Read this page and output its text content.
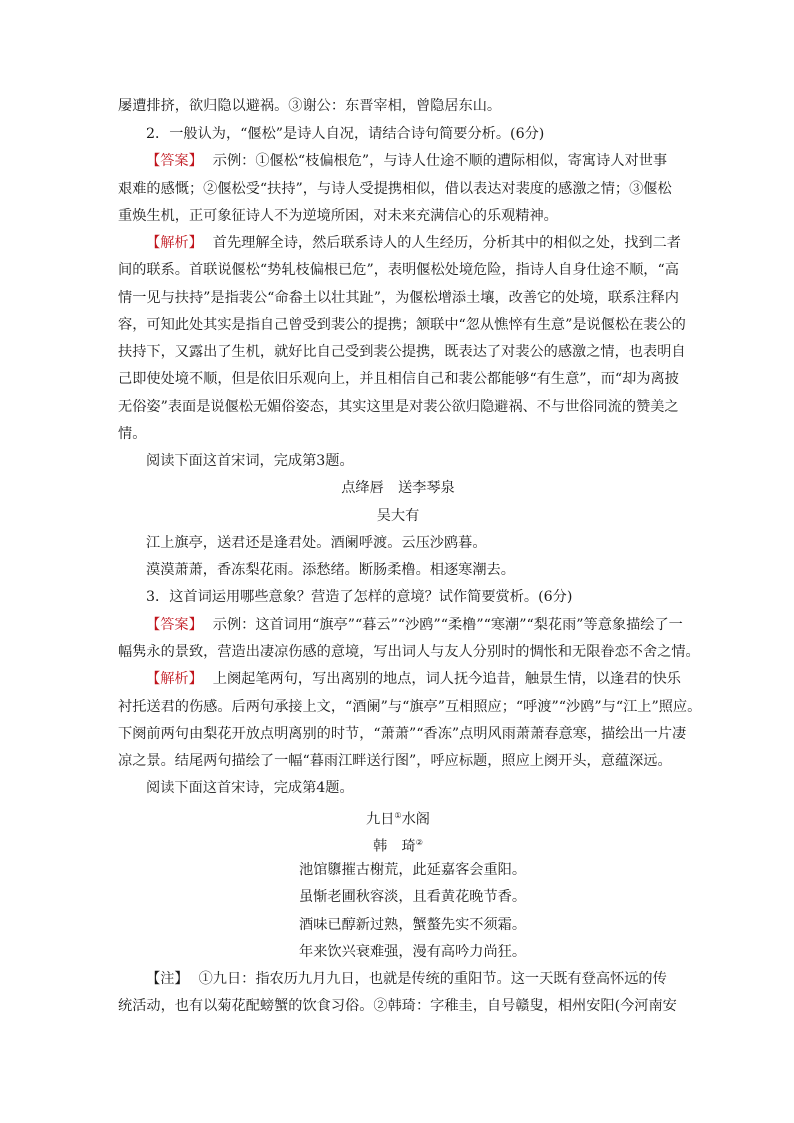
屡遭排挤，欲归隐以避祸。③谢公：东晋宰相，曾隐居东山。
2．一般认为，“偃松”是诗人自况，请结合诗句简要分析。(6分)
【答案】 示例：①偃松“枝偏根危”，与诗人仕途不顺的遭际相似，寄寓诗人对世事
艰难的感慨；②偃松受“扶持”，与诗人受提携相似，借以表达对裴度的感激之情；③偃松
重焕生机，正可象征诗人不为逆境所困，对未来充满信心的乐观精神。
【解析】 首先理解全诗，然后联系诗人的人生经历，分析其中的相似之处，找到二者
间的联系。首联说偃松“势轧枝偏根已危”，表明偃松处境危险，指诗人自身仕途不顺，“高
情一见与扶持”是指裴公“命畚土以壮其趾”，为偃松增添土壤，改善它的处境，联系注释内
容，可知此处其实是指自己曾受到裴公的提携；颔联中“忽从憔悴有生意”是说偃松在裴公的
扶持下，又露出了生机，就好比自己受到裴公提携，既表达了对裴公的感激之情，也表明自
己即使处境不顺，但是依旧乐观向上，并且相信自己和裴公都能够“有生意”，而“却为离披
无俗姿”表面是说偃松无媚俗姿态，其实这里是对裴公欲归隐避祸、不与世俗同流的赞美之
情。
阅读下面这首宋词，完成第3题。
点绛唇　送李琴泉
吴大有
江上旗亭，送君还是逢君处。酒阑呼渡。云压沙鸥暮。
漠漠萧萧，香冻梨花雨。添愁绪。断肠柔橹。相逐寒潮去。
3．这首词运用哪些意象？营造了怎样的意境？试作简要赏析。(6分)
【答案】 示例：这首词用“旗亭”“暮云”“沙鸥”“柔橹”“寒潮”“梨花雨”等意象描绘了一
幅隽永的景致，营造出凄凉伤感的意境，写出词人与友人分别时的惆怅和无限眷恋不舍之情。
【解析】 上阕起笔两句，写出离别的地点，词人抚今追昔，触景生情，以逢君的快乐
衬托送君的伤感。后两句承接上文，“酒阑”与“旗亭”互相照应；“呼渡”“沙鸥”与“江上”照应。
下阕前两句由梨花开放点明离别的时节，“萧萧”“香冻”点明风雨萧萧春意寒，描绘出一片凄
凉之景。结尾两句描绘了一幅“暮雨江畔送行图”，呼应标题，照应上阕开头，意蕴深远。
阅读下面这首宋诗，完成第4题。
九日①水阁
韩　琦②
池馆隳摧古榭荒，此延嘉客会重阳。
虽惭老圃秋容淡，且看黄花晚节香。
酒味已醇新过熟，蟹螯先实不须霜。
年来饮兴衰难强，漫有高吟力尚狂。
【注】 ①九日：指农历九月九日，也就是传统的重阳节。这一天既有登高怀远的传
统活动，也有以菊花配螃蟹的饮食习俗。②韩琦：字稚圭，自号赣叟，相州安阳(今河南安
